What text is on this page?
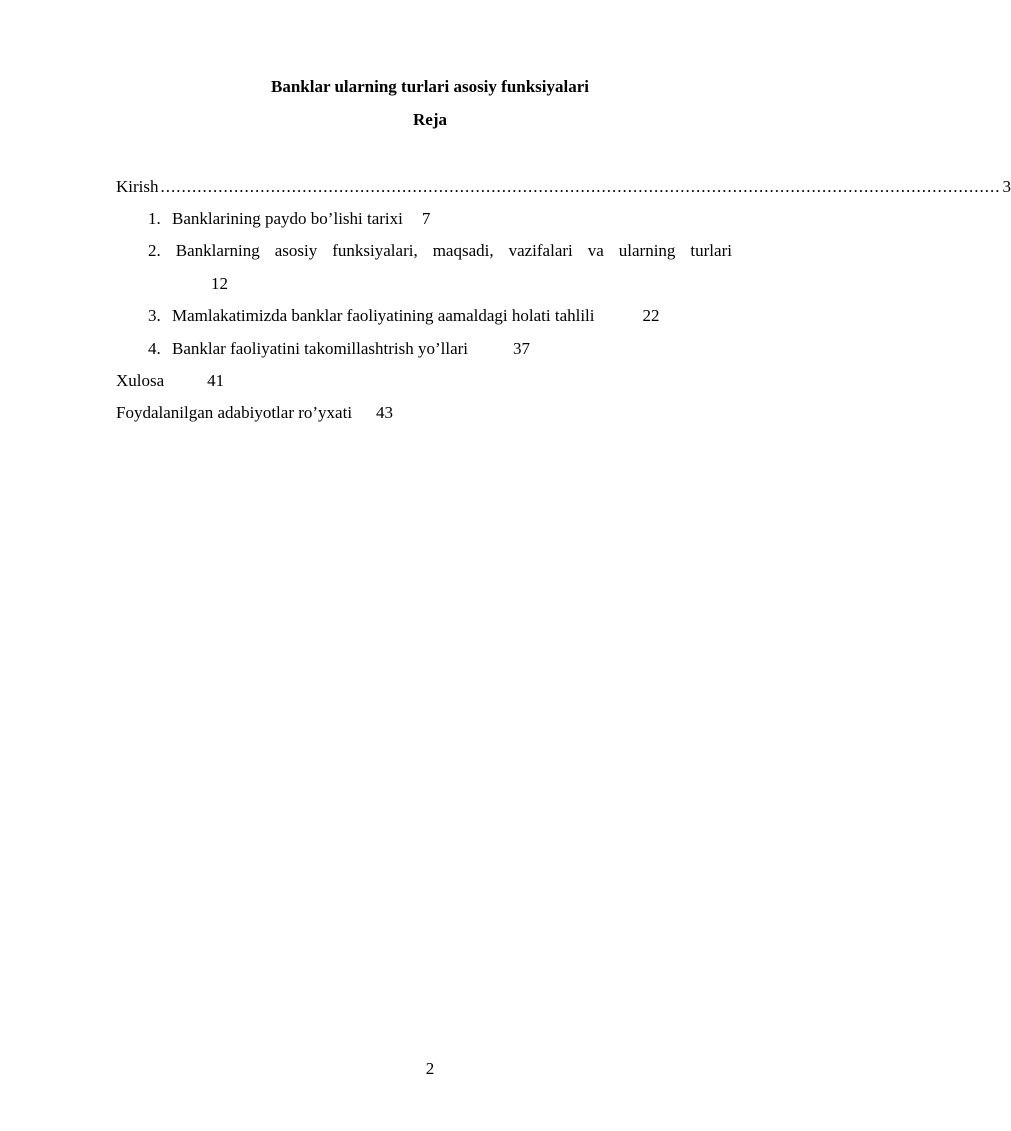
Banklar ularning turlari asosiy funksiyalari
Reja
Kirish ................................................................................................................................................................ 3
1. Banklarining paydo bo’lishi tarixi 7
2. Banklarning asosiy funksiyalari, maqsadi, vazifalari va ularning turlari
12
3. Mamlakatimizda banklar faoliyatining aamaldagi holati tahlili	22
4. Banklar faoliyatini takomillashtrish yo’llari	37
Xulosa	41
Foydalanilgan adabiyotlar ro’yxati 43
2
